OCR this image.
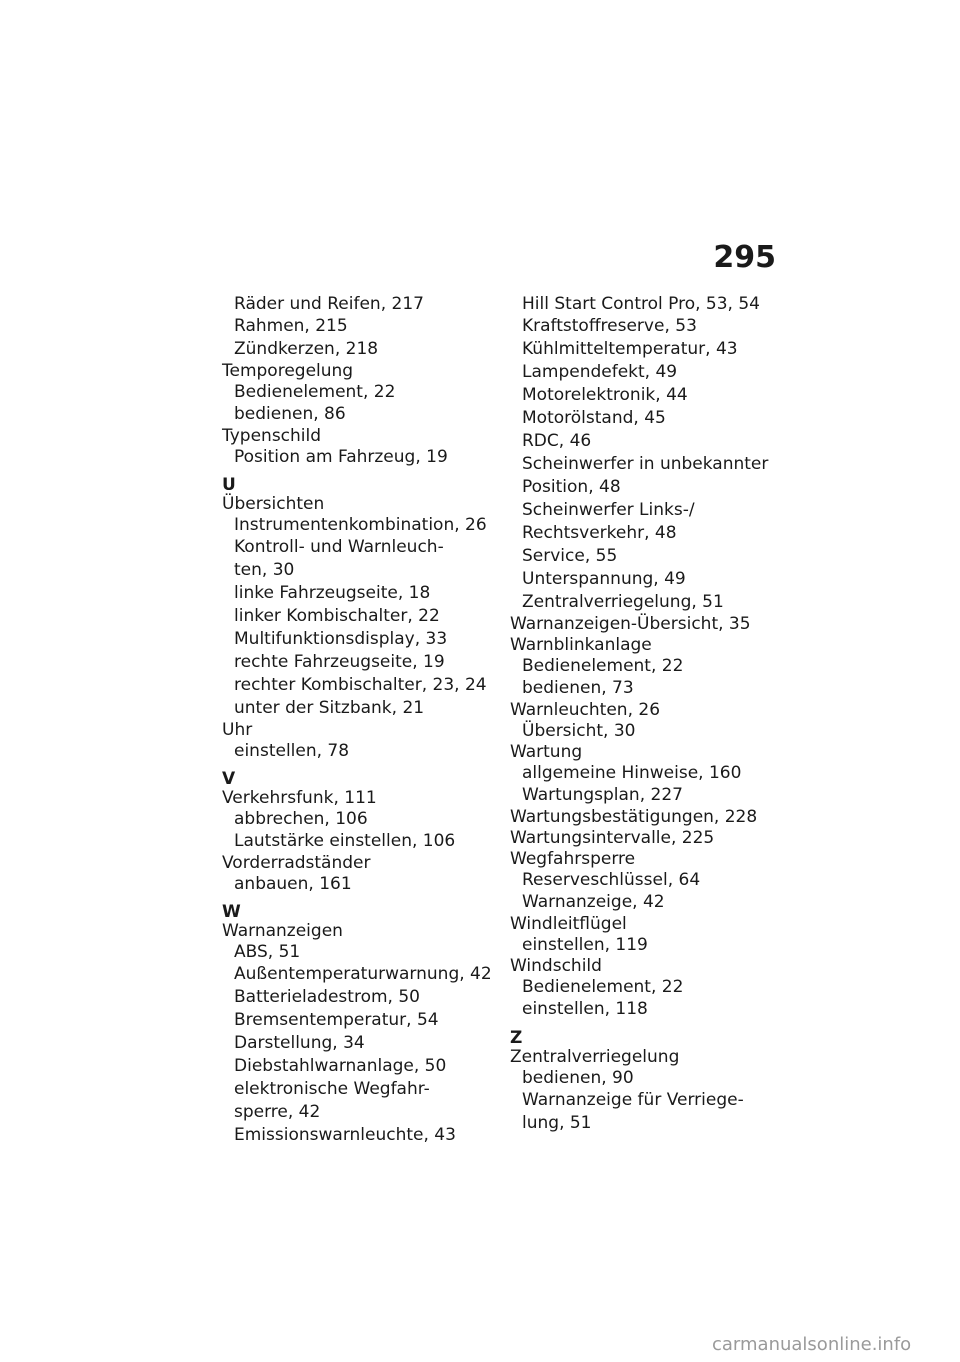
295
Räder und Reifen, 217
Rahmen, 215
Zündkerzen, 218
Temporegelung
Bedienelement, 22
bedienen, 86
Typenschild
Position am Fahrzeug, 19
U
Übersichten
Instrumentenkombination, 26
Kontroll- und Warnleuch-
ten, 30
linke Fahrzeugseite, 18
linker Kombischalter, 22
Multifunktionsdisplay, 33
rechte Fahrzeugseite, 19
rechter Kombischalter, 23, 24
unter der Sitzbank, 21
Uhr
einstellen, 78
V
Verkehrsfunk, 111
abbrechen, 106
Lautstärke einstellen, 106
Vorderradständer
anbauen, 161
W
Warnanzeigen
ABS, 51
Außentemperaturwarnung, 42
Batterieladestrom, 50
Bremsentemperatur, 54
Darstellung, 34
Diebstahlwarnanlage, 50
elektronische Wegfahr-
sperre, 42
Emissionswarnleuchte, 43
Hill Start Control Pro, 53, 54
Kraftstoffreserve, 53
Kühlmitteltemperatur, 43
Lampendefekt, 49
Motorelektronik, 44
Motorölstand, 45
RDC, 46
Scheinwerfer in unbekannter
Position, 48
Scheinwerfer Links-/
Rechtsverkehr, 48
Service, 55
Unterspannung, 49
Zentralverriegelung, 51
Warnanzeigen-Übersicht, 35
Warnblinkanlage
Bedienelement, 22
bedienen, 73
Warnleuchten, 26
Übersicht, 30
Wartung
allgemeine Hinweise, 160
Wartungsplan, 227
Wartungsbestätigungen, 228
Wartungsintervalle, 225
Wegfahrsperre
Reserveschlüssel, 64
Warnanzeige, 42
Windleitflügel
einstellen, 119
Windschild
Bedienelement, 22
einstellen, 118
Z
Zentralverriegelung
bedienen, 90
Warnanzeige für Verriege-
lung, 51
carmanualsonline.info
